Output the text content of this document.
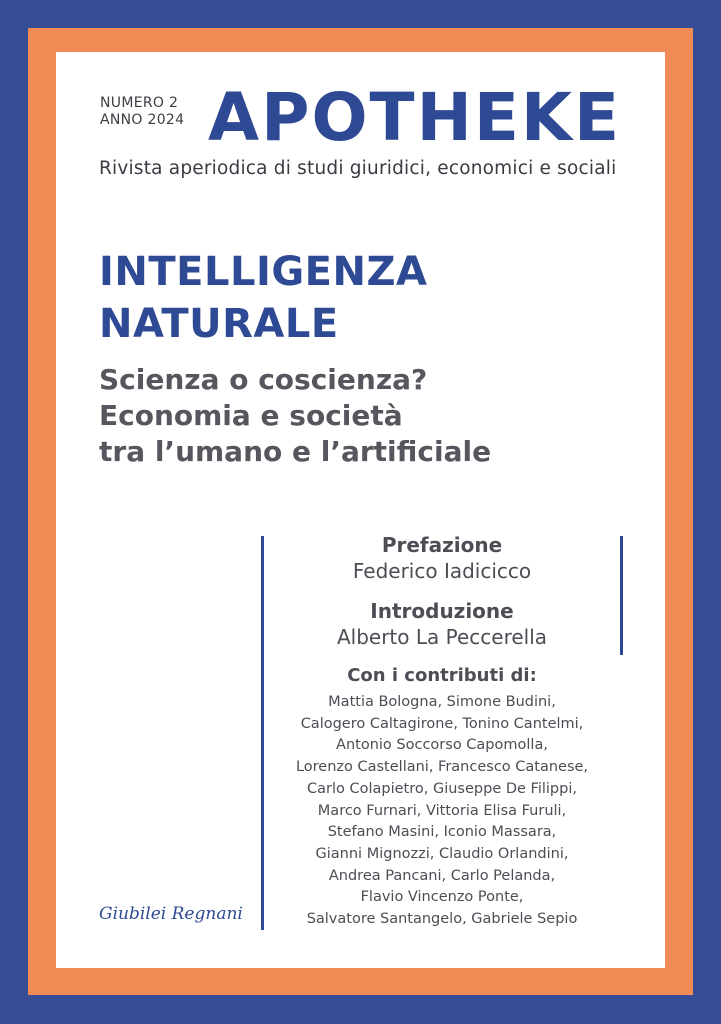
NUMERO 2
ANNO 2024 APOTHEKE
Rivista aperiodica di studi giuridici, economici e sociali
INTELLIGENZA
NATURALE
Scienza o coscienza?
Economia e società
tra l’umano e l’artificiale
Prefazione
Federico Iadicicco
Introduzione
Alberto La Peccerella
Con i contributi di:
Mattia Bologna, Simone Budini,
Calogero Caltagirone, Tonino Cantelmi,
Antonio Soccorso Capomolla,
Lorenzo Castellani, Francesco Catanese,
Carlo Colapietro, Giuseppe De Filippi,
Marco Furnari, Vittoria Elisa Furuli,
Stefano Masini, Iconio Massara,
Gianni Mignozzi, Claudio Orlandini,
Andrea Pancani, Carlo Pelanda,
Flavio Vincenzo Ponte,
Salvatore Santangelo, Gabriele Sepio
Giubilei Regnani
